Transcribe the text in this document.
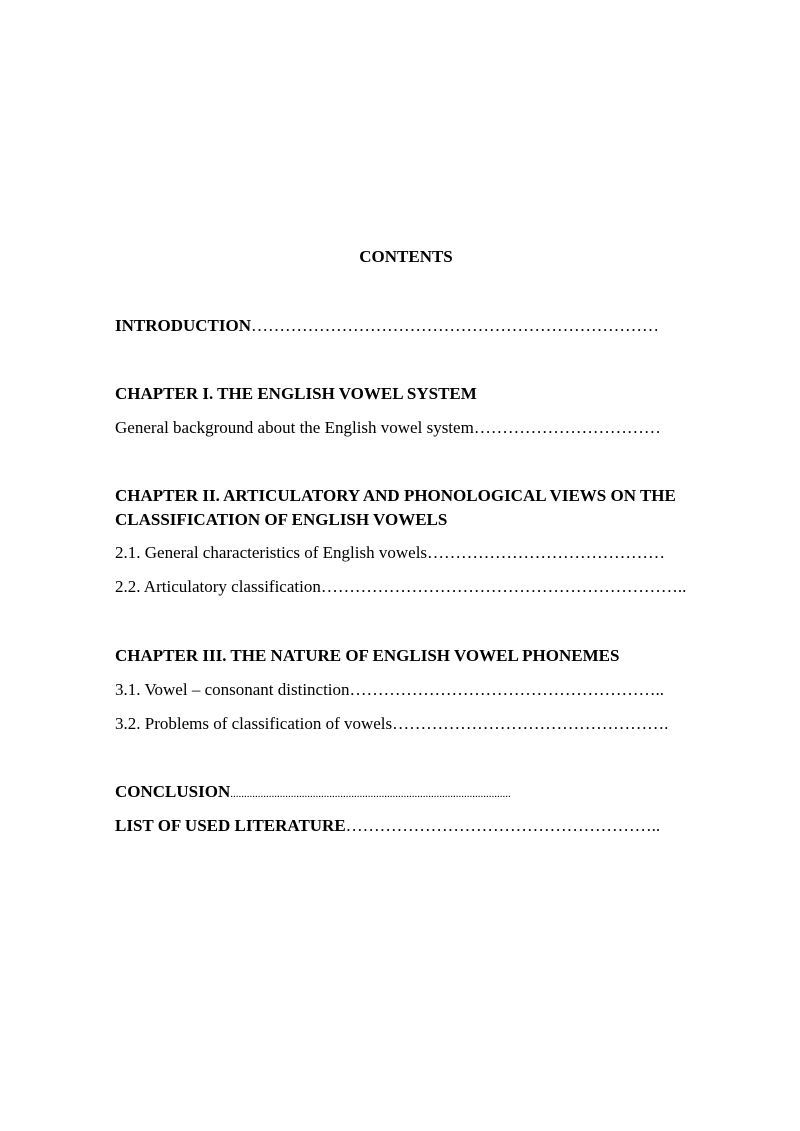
CONTENTS
INTRODUCTION………………………………………………………………
CHAPTER I. THE ENGLISH VOWEL SYSTEM
General background about the English vowel system……………………………
CHAPTER II. ARTICULATORY AND PHONOLOGICAL VIEWS ON THE
CLASSIFICATION OF ENGLISH VOWELS
2.1. General characteristics of English vowels……………………………………
2.2. Articulatory classification………………………………………………………..
CHAPTER III. THE NATURE OF ENGLISH VOWEL PHONEMES
3.1. Vowel – consonant distinction………………………………………………..
3.2. Problems of classification of vowels………………………………………….
CONCLUSION......................................................................................................
LIST OF USED LITERATURE………………………………………………..
